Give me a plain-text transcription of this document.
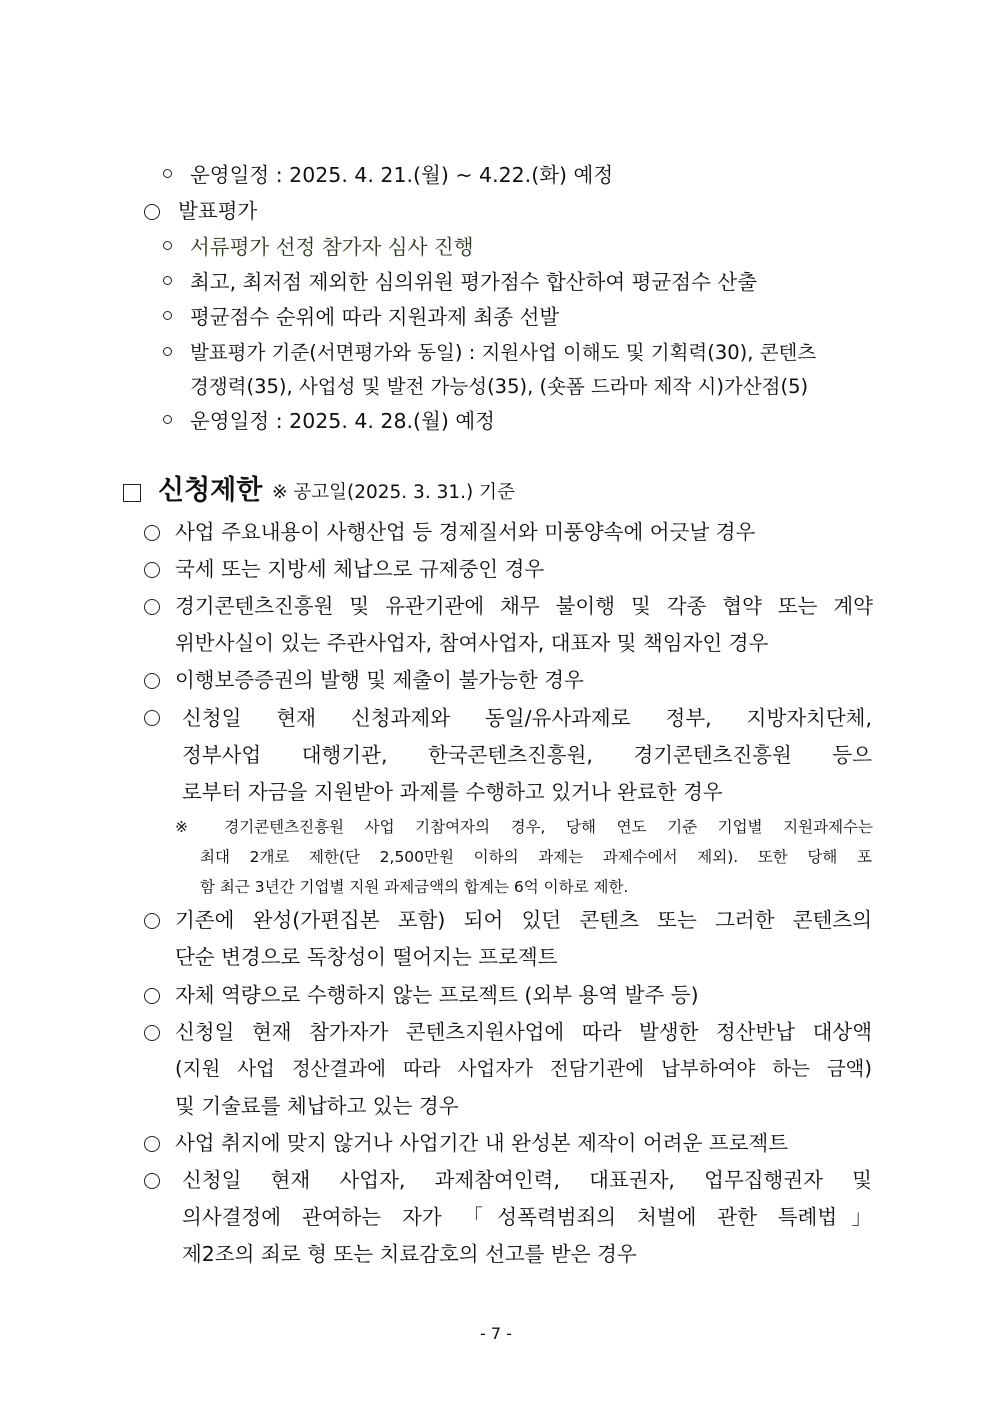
운영일정 : 2025. 4. 21.(월) ~ 4.22.(화) 예정
발표평가
서류평가 선정 참가자 심사 진행
최고, 최저점 제외한 심의위원 평가점수 합산하여 평균점수 산출
평균점수 순위에 따라 지원과제 최종 선발
발표평가 기준(서면평가와 동일) : 지원사업 이해도 및 기획력(30), 콘텐츠
경쟁력(35), 사업성 및 발전 가능성(35), (숏폼 드라마 제작 시)가산점(5)
운영일정 : 2025. 4. 28.(월) 예정
신청제한 ※ 공고일(2025. 3. 31.) 기준
사업 주요내용이 사행산업 등 경제질서와 미풍양속에 어긋날 경우
국세 또는 지방세 체납으로 규제중인 경우
경기콘텐츠진흥원 및 유관기관에 채무 불이행 및 각종 협약 또는 계약
위반사실이 있는 주관사업자, 참여사업자, 대표자 및 책임자인 경우
이행보증증권의 발행 및 제출이 불가능한 경우
신청일 현재 신청과제와 동일/유사과제로 정부, 지방자치단체,
정부사업 대행기관, 한국콘텐츠진흥원, 경기콘텐츠진흥원 등으
로부터 자금을 지원받아 과제를 수행하고 있거나 완료한 경우
※ 경기콘텐츠진흥원 사업 기참여자의 경우, 당해 연도 기준 기업별 지원과제수는
최대 2개로 제한(단 2,500만원 이하의 과제는 과제수에서 제외). 또한 당해 포
함 최근 3년간 기업별 지원 과제금액의 합계는 6억 이하로 제한.
기존에 완성(가편집본 포함) 되어 있던 콘텐츠 또는 그러한 콘텐츠의
단순 변경으로 독창성이 떨어지는 프로젝트
자체 역량으로 수행하지 않는 프로젝트 (외부 용역 발주 등)
신청일 현재 참가자가 콘텐츠지원사업에 따라 발생한 정산반납 대상액
(지원 사업 정산결과에 따라 사업자가 전담기관에 납부하여야 하는 금액)
및 기술료를 체납하고 있는 경우
사업 취지에 맞지 않거나 사업기간 내 완성본 제작이 어려운 프로젝트
신청일 현재 사업자, 과제참여인력, 대표권자, 업무집행권자 및
의사결정에 관여하는 자가 「성폭력범죄의 처벌에 관한 특례법」
제2조의 죄로 형 또는 치료감호의 선고를 받은 경우
- 7 -
